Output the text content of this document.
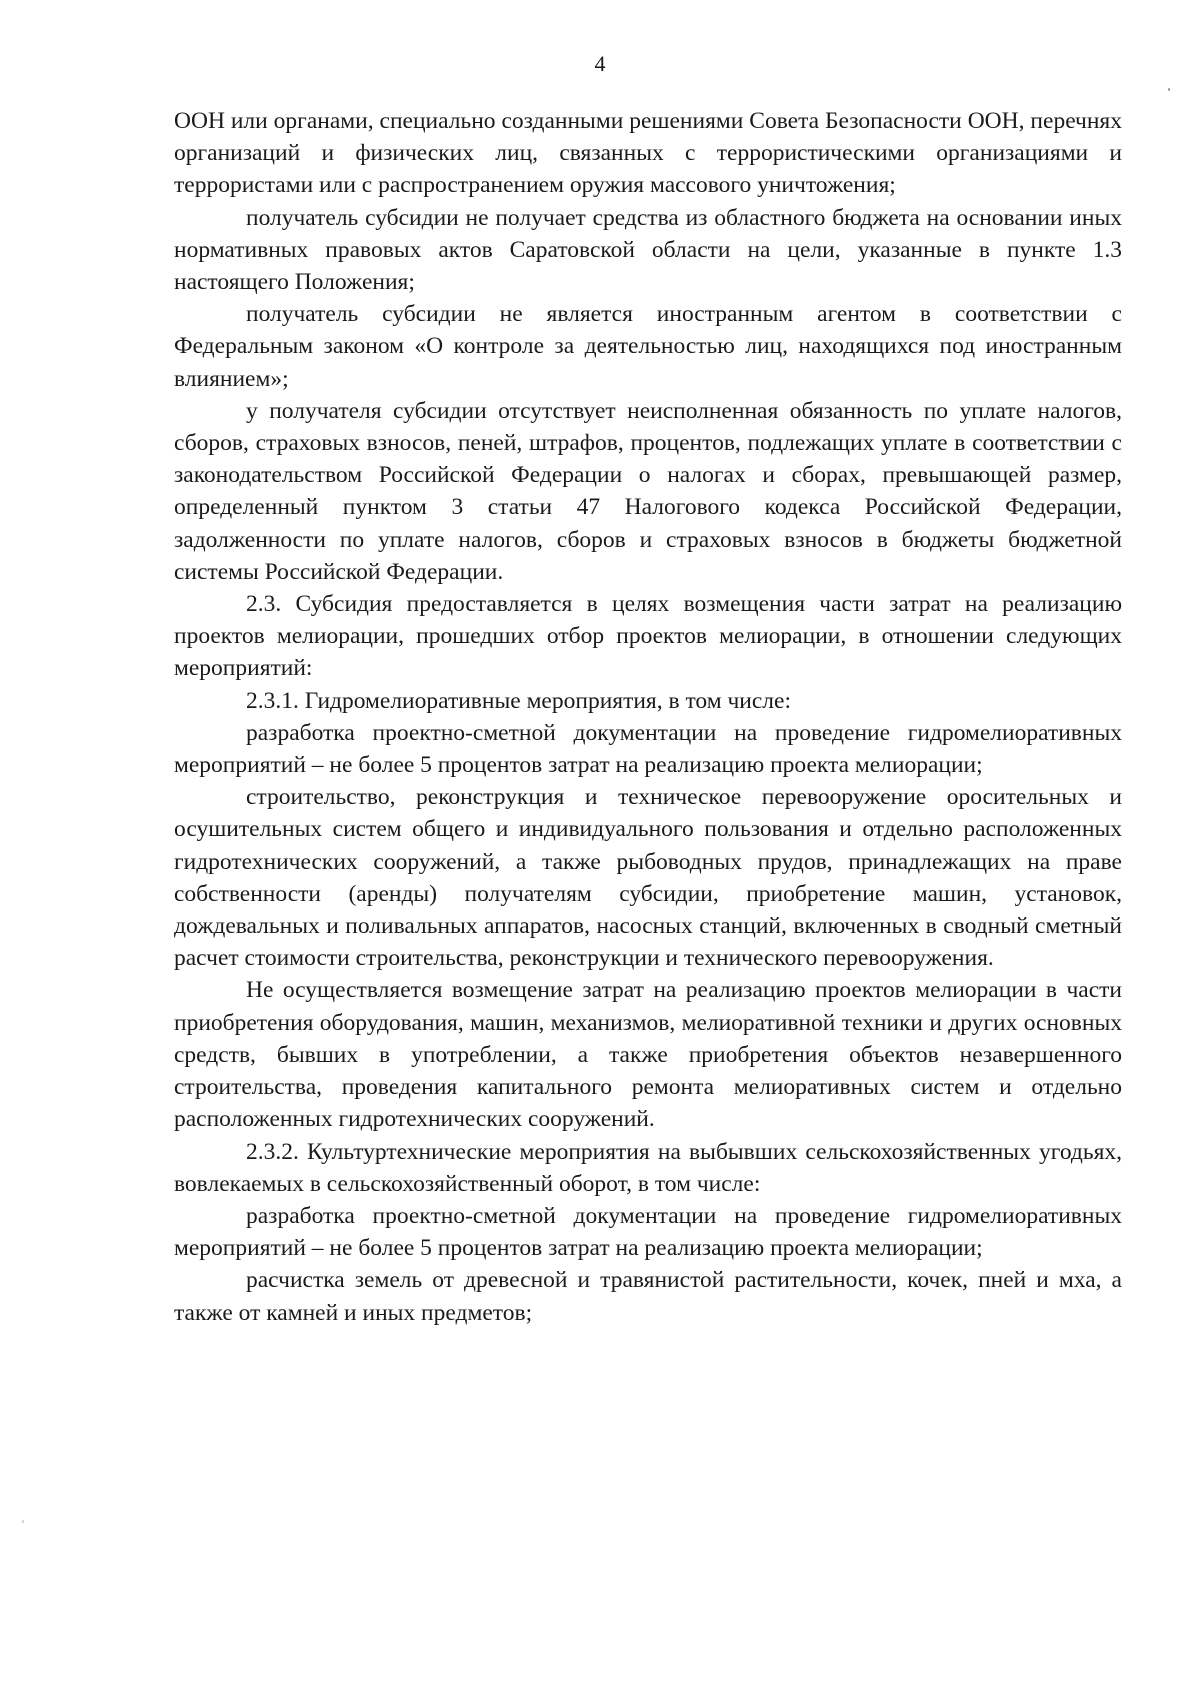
4

ООН или органами, специально созданными решениями Совета Безопасности ООН, перечнях организаций и физических лиц, связанных с террористическими организациями и террористами или с распространением оружия массового уничтожения;

получатель субсидии не получает средства из областного бюджета на основании иных нормативных правовых актов Саратовской области на цели, указанные в пункте 1.3 настоящего Положения;

получатель субсидии не является иностранным агентом в соответствии с Федеральным законом «О контроле за деятельностью лиц, находящихся под иностранным влиянием»;

у получателя субсидии отсутствует неисполненная обязанность по уплате налогов, сборов, страховых взносов, пеней, штрафов, процентов, подлежащих уплате в соответствии с законодательством Российской Федерации о налогах и сборах, превышающей размер, определенный пунктом 3 статьи 47 Налогового кодекса Российской Федерации, задолженности по уплате налогов, сборов и страховых взносов в бюджеты бюджетной системы Российской Федерации.

2.3. Субсидия предоставляется в целях возмещения части затрат на реализацию проектов мелиорации, прошедших отбор проектов мелиорации, в отношении следующих мероприятий:

2.3.1. Гидромелиоративные мероприятия, в том числе:

разработка проектно-сметной документации на проведение гидромелиоративных мероприятий – не более 5 процентов затрат на реализацию проекта мелиорации;

строительство, реконструкция и техническое перевооружение оросительных и осушительных систем общего и индивидуального пользования и отдельно расположенных гидротехнических сооружений, а также рыбоводных прудов, принадлежащих на праве собственности (аренды) получателям субсидии, приобретение машин, установок, дождевальных и поливальных аппаратов, насосных станций, включенных в сводный сметный расчет стоимости строительства, реконструкции и технического перевооружения.

Не осуществляется возмещение затрат на реализацию проектов мелиорации в части приобретения оборудования, машин, механизмов, мелиоративной техники и других основных средств, бывших в употреблении, а также приобретения объектов незавершенного строительства, проведения капитального ремонта мелиоративных систем и отдельно расположенных гидротехнических сооружений.

2.3.2. Культуртехнические мероприятия на выбывших сельскохозяйственных угодьях, вовлекаемых в сельскохозяйственный оборот, в том числе:

разработка проектно-сметной документации на проведение гидромелиоративных мероприятий – не более 5 процентов затрат на реализацию проекта мелиорации;

расчистка земель от древесной и травянистой растительности, кочек, пней и мха, а также от камней и иных предметов;
